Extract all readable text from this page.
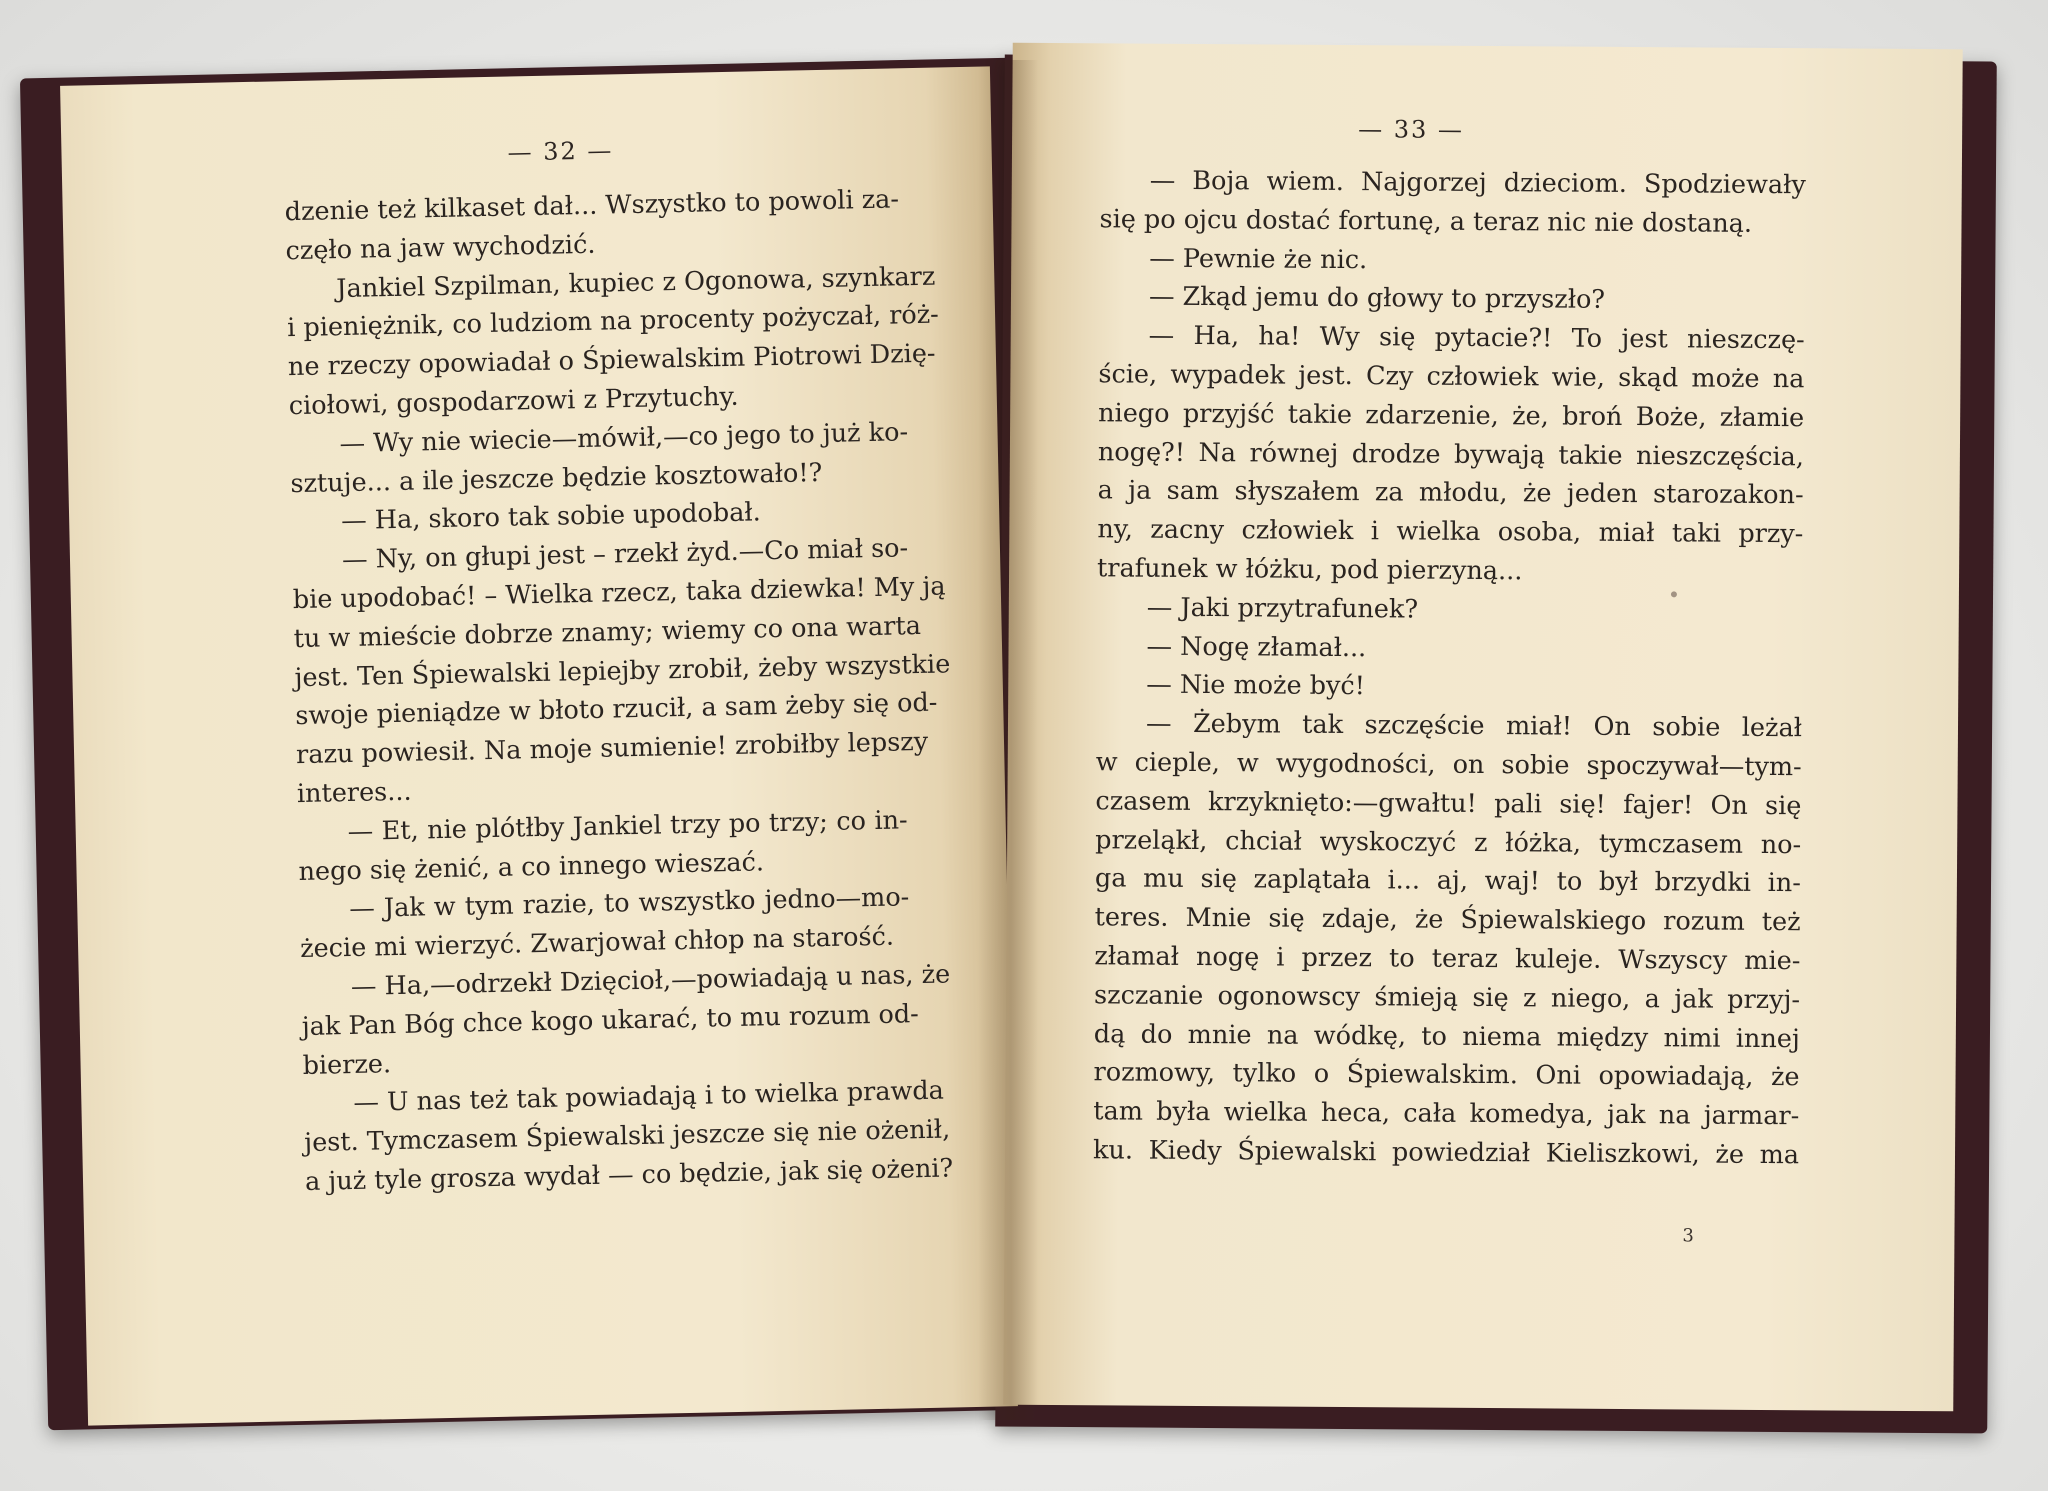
— 32 —
dzenie też kilkaset dał... Wszystko to powoli za-
częło na jaw wychodzić.
Jankiel Szpilman, kupiec z Ogonowa, szynkarz
i pieniężnik, co ludziom na procenty pożyczał, róż-
ne rzeczy opowiadał o Śpiewalskim Piotrowi Dzię-
ciołowi, gospodarzowi z Przytuchy.
— Wy nie wiecie—mówił,—co jego to już ko-
sztuje... a ile jeszcze będzie kosztowało!?
— Ha, skoro tak sobie upodobał.
— Ny, on głupi jest – rzekł żyd.—Co miał so-
bie upodobać! – Wielka rzecz, taka dziewka! My ją
tu w mieście dobrze znamy; wiemy co ona warta
jest. Ten Śpiewalski lepiejby zrobił, żeby wszystkie
swoje pieniądze w błoto rzucił, a sam żeby się od-
razu powiesił. Na moje sumienie! zrobiłby lepszy
interes...
— Et, nie plótłby Jankiel trzy po trzy; co in-
nego się żenić, a co innego wieszać.
— Jak w tym razie, to wszystko jedno—mo-
żecie mi wierzyć. Zwarjował chłop na starość.
— Ha,—odrzekł Dzięcioł,—powiadają u nas, że
jak Pan Bóg chce kogo ukarać, to mu rozum od-
bierze.
— U nas też tak powiadają i to wielka prawda
jest. Tymczasem Śpiewalski jeszcze się nie ożenił,
a już tyle grosza wydał — co będzie, jak się ożeni?
— 33 —
— Boja wiem. Najgorzej dzieciom. Spodziewały
się po ojcu dostać fortunę, a teraz nic nie dostaną.
— Pewnie że nic.
— Zkąd jemu do głowy to przyszło?
— Ha, ha! Wy się pytacie?! To jest nieszczę-
ście, wypadek jest. Czy człowiek wie, skąd może na
niego przyjść takie zdarzenie, że, broń Boże, złamie
nogę?! Na równej drodze bywają takie nieszczęścia,
a ja sam słyszałem za młodu, że jeden starozakon-
ny, zacny człowiek i wielka osoba, miał taki przy-
trafunek w łóżku, pod pierzyną...
— Jaki przytrafunek?
— Nogę złamał...
— Nie może być!
— Żebym tak szczęście miał! On sobie leżał
w cieple, w wygodności, on sobie spoczywał—tym-
czasem krzyknięto:—gwałtu! pali się! fajer! On się
przeląkł, chciał wyskoczyć z łóżka, tymczasem no-
ga mu się zaplątała i... aj, waj! to był brzydki in-
teres. Mnie się zdaje, że Śpiewalskiego rozum też
złamał nogę i przez to teraz kuleje. Wszyscy mie-
szczanie ogonowscy śmieją się z niego, a jak przyj-
dą do mnie na wódkę, to niema między nimi innej
rozmowy, tylko o Śpiewalskim. Oni opowiadają, że
tam była wielka heca, cała komedya, jak na jarmar-
ku. Kiedy Śpiewalski powiedział Kieliszkowi, że ma
3
